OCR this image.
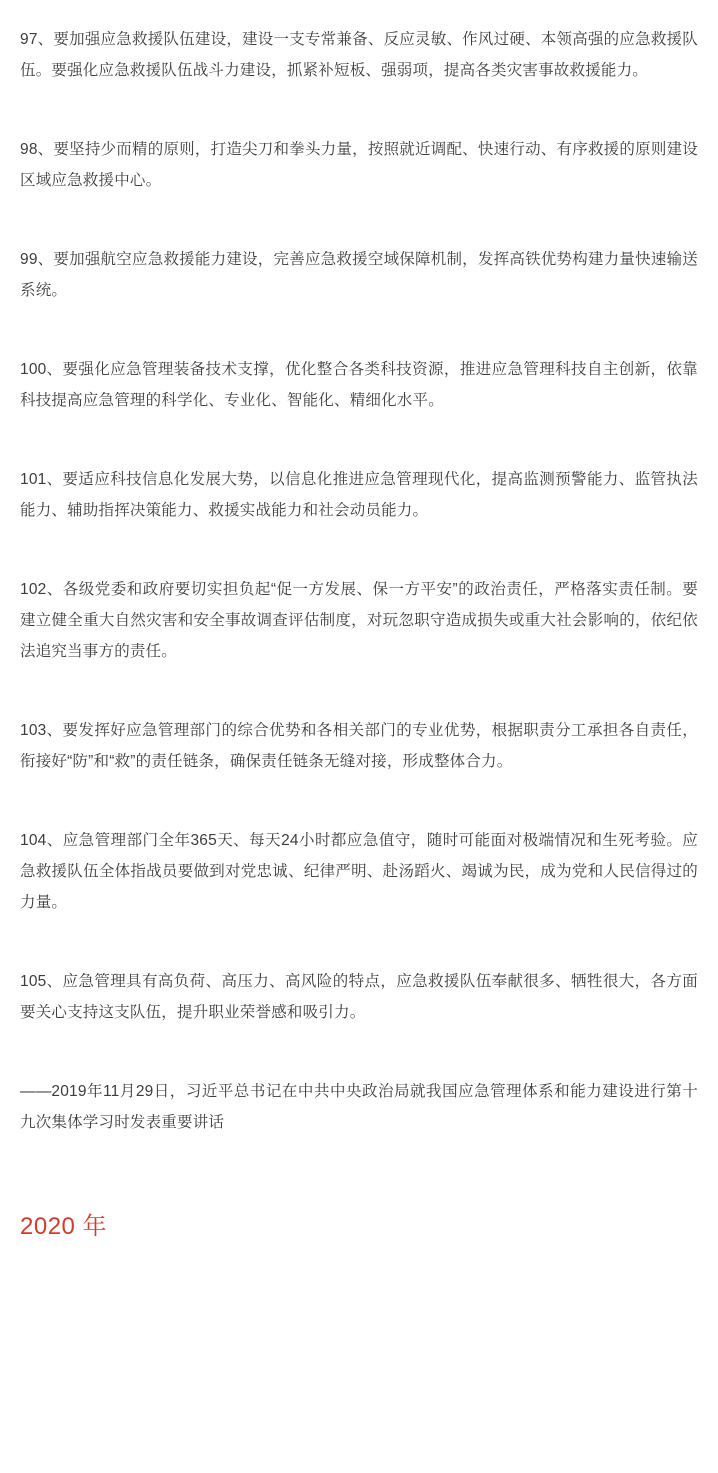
97、要加强应急救援队伍建设，建设一支专常兼备、反应灵敏、作风过硬、本领高强的应急救援队伍。要强化应急救援队伍战斗力建设，抓紧补短板、强弱项，提高各类灾害事故救援能力。

98、要坚持少而精的原则，打造尖刀和拳头力量，按照就近调配、快速行动、有序救援的原则建设区域应急救援中心。

99、要加强航空应急救援能力建设，完善应急救援空域保障机制，发挥高铁优势构建力量快速输送系统。

100、要强化应急管理装备技术支撑，优化整合各类科技资源，推进应急管理科技自主创新，依靠科技提高应急管理的科学化、专业化、智能化、精细化水平。

101、要适应科技信息化发展大势，以信息化推进应急管理现代化，提高监测预警能力、监管执法能力、辅助指挥决策能力、救援实战能力和社会动员能力。

102、各级党委和政府要切实担负起“促一方发展、保一方平安”的政治责任，严格落实责任制。要建立健全重大自然灾害和安全事故调查评估制度，对玩忽职守造成损失或重大社会影响的，依纪依法追究当事方的责任。

103、要发挥好应急管理部门的综合优势和各相关部门的专业优势，根据职责分工承担各自责任，衔接好“防”和“救”的责任链条，确保责任链条无缝对接，形成整体合力。

104、应急管理部门全年365天、每天24小时都应急值守，随时可能面对极端情况和生死考验。应急救援队伍全体指战员要做到对党忠诚、纪律严明、赴汤蹈火、竭诚为民，成为党和人民信得过的力量。

105、应急管理具有高负荷、高压力、高风险的特点，应急救援队伍奉献很多、牺牲很大，各方面要关心支持这支队伍，提升职业荣誉感和吸引力。

——2019年11月29日，习近平总书记在中共中央政治局就我国应急管理体系和能力建设进行第十九次集体学习时发表重要讲话

2020 年
